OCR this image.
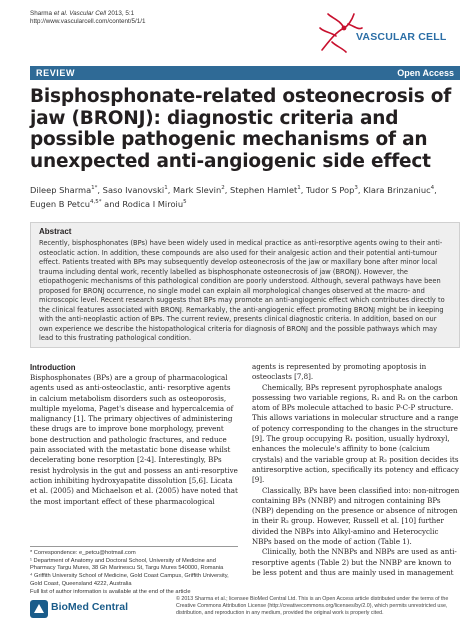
Sharma et al. Vascular Cell 2013, 5:1
http://www.vascularcell.com/content/5/1/1
VASCULAR CELL
REVIEW	Open Access
Bisphosphonate-related osteonecrosis of jaw (BRONJ): diagnostic criteria and possible pathogenic mechanisms of an unexpected anti-angiogenic side effect
Dileep Sharma$^{1*}$, Saso Ivanovski$^1$, Mark Slevin$^2$, Stephen Hamlet$^1$, Tudor S Pop$^3$, Klara Brinzaniuc$^4$, Eugen B Petcu$^{4,5*}$ and Rodica I Miroiu$^5$
Abstract
Recently, bisphosphonates (BPs) have been widely used in medical practice as anti-resorptive agents owing to their anti-osteoclatic action. In addition, these compounds are also used for their analgesic action and their potential anti-tumour effect. Patients treated with BPs may subsequently develop osteonecrosis of the jaw or maxillary bone after minor local trauma including dental work, recently labelled as bisphosphonate osteonecrosis of jaw (BRONJ). However, the etiopathogenic mechanisms of this pathological condition are poorly understood. Although, several pathways have been proposed for BRONJ occurrence, no single model can explain all morphological changes observed at the macro- and microscopic level. Recent research suggests that BPs may promote an anti-angiogenic effect which contributes directly to the clinical features associated with BRONJ. Remarkably, the anti-angiogenic effect promoting BRONJ might be in keeping with the anti-neoplastic action of BPs. The current review, presents clinical diagnostic criteria. In addition, based on our own experience we describe the histopathological criteria for diagnosis of BRONJ and the possible pathways which may lead to this frustrating pathological condition.
Introduction

Bisphosphonates (BPs) are a group of pharmacological agents used as anti-osteoclastic, anti- resorptive agents in calcium metabolism disorders such as osteoporosis, multiple myeloma, Paget's disease and hypercalcemia of malignancy [1]. The primary objectives of administering these drugs are to improve bone morphology, prevent bone destruction and pathologic fractures, and reduce pain associated with the metastatic bone disease whilst decelerating bone resorption [2-4]. Interestingly, BPs resist hydrolysis in the gut and possess an anti-resorptive action inhibiting hydroxyapatite dissolution [5,6]. Licata et al. (2005) and Michaelson et al. (2005) have noted that the most important effect of these pharmacological

agents is represented by promoting apoptosis in osteoclasts [7,8].

Chemically, BPs represent pyrophosphate analogs possessing two variable regions, R₁ and R₂ on the carbon atom of BPs molecule attached to basic P-C-P structure. This allows variations in molecular structure and a range of potency corresponding to the changes in the structure [9]. The group occupying R₁ position, usually hydroxyl, enhances the molecule's affinity to bone (calcium crystals) and the variable group at R₂ position decides its antiresorptive action, specifically its potency and efficacy [9].

Classically, BPs have been classified into: non-nitrogen containing BPs (NNBP) and nitrogen containing BPs (NBP) depending on the presence or absence of nitrogen in their R₂ group. However, Russell et al. [10] further divided the NBPs into Alkyl-amino and Heterocyclic NBPs based on the mode of action (Table 1).

Clinically, both the NNBPs and NBPs are used as anti-resorptive agents (Table 2) but the NNBP are known to be less potent and thus are mainly used in management

* Correspondence: e_petcu@hotmail.com

¹ Department of Anatomy and Doctoral School, University of Medicine and Pharmacy Targu Mures, 38 Gh Marinescu St, Targu Mures 540000, Romania

⁴ Griffith University School of Medicine, Gold Coast Campus, Griffith University, Gold Coast, Queensland 4222, Australia

Full list of author information is available at the end of the article

BioMed Central
© 2013 Sharma et al.; licensee BioMed Central Ltd. This is an Open Access article distributed under the terms of the Creative Commons Attribution License (http://creativecommons.org/licenses/by/2.0), which permits unrestricted use, distribution, and reproduction in any medium, provided the original work is properly cited.
